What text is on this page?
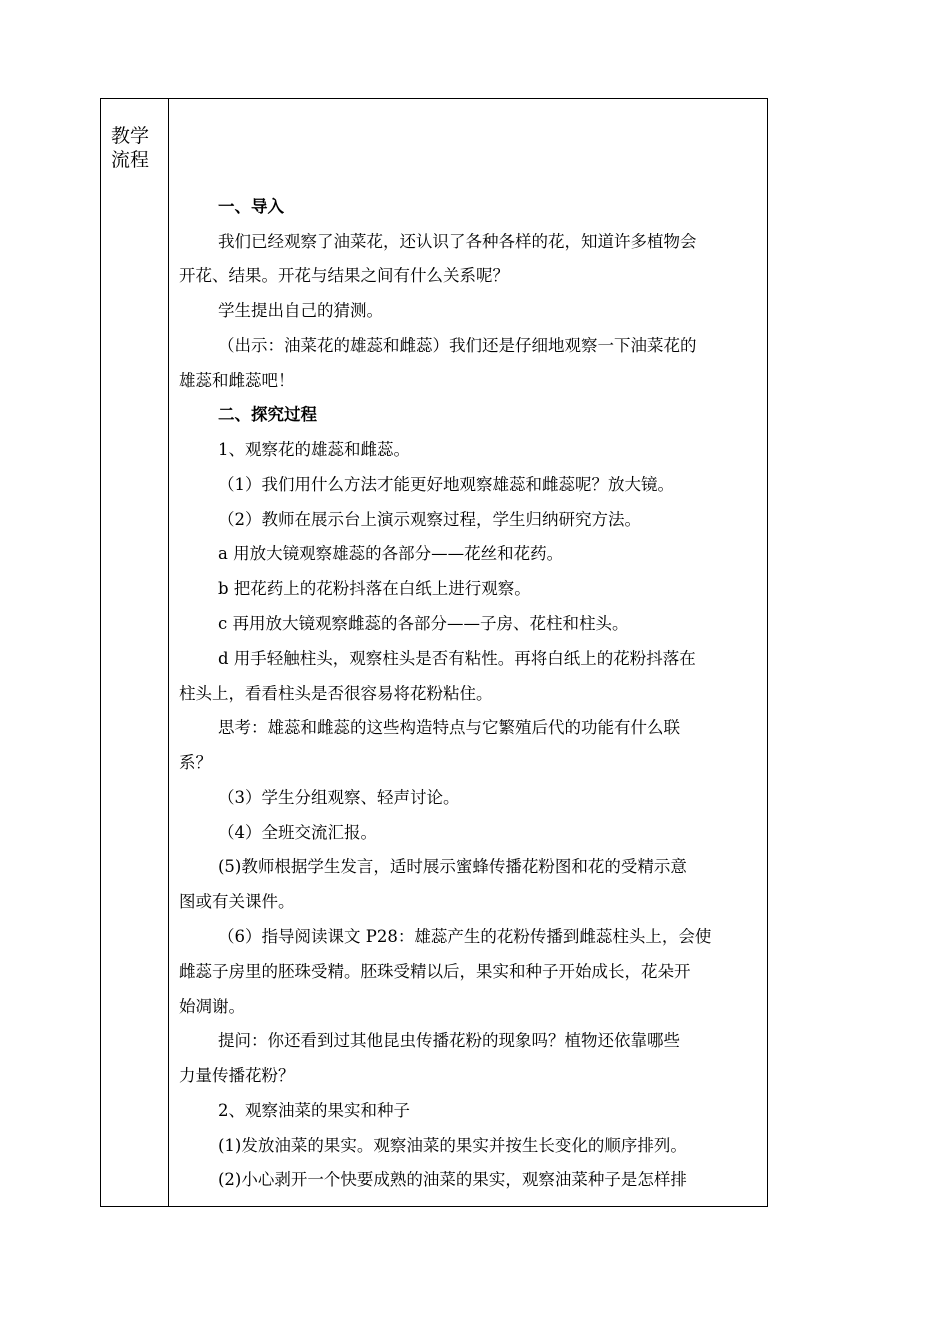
教学
流程
一、导入
我们已经观察了油菜花，还认识了各种各样的花，知道许多植物会
开花、结果。开花与结果之间有什么关系呢？
学生提出自己的猜测。
（出示：油菜花的雄蕊和雌蕊）我们还是仔细地观察一下油菜花的
雄蕊和雌蕊吧！
二、探究过程
1、观察花的雄蕊和雌蕊。
（1）我们用什么方法才能更好地观察雄蕊和雌蕊呢？放大镜。
（2）教师在展示台上演示观察过程，学生归纳研究方法。
a 用放大镜观察雄蕊的各部分——花丝和花药。
b 把花药上的花粉抖落在白纸上进行观察。
c 再用放大镜观察雌蕊的各部分——子房、花柱和柱头。
d 用手轻触柱头，观察柱头是否有粘性。再将白纸上的花粉抖落在
柱头上，看看柱头是否很容易将花粉粘住。
思考：雄蕊和雌蕊的这些构造特点与它繁殖后代的功能有什么联
系？
（3）学生分组观察、轻声讨论。
（4）全班交流汇报。
(5)教师根据学生发言，适时展示蜜蜂传播花粉图和花的受精示意
图或有关课件。
（6）指导阅读课文 P28：雄蕊产生的花粉传播到雌蕊柱头上，会使
雌蕊子房里的胚珠受精。胚珠受精以后，果实和种子开始成长，花朵开
始凋谢。
提问：你还看到过其他昆虫传播花粉的现象吗？植物还依靠哪些
力量传播花粉？
2、观察油菜的果实和种子
(1)发放油菜的果实。观察油菜的果实并按生长变化的顺序排列。
(2)小心剥开一个快要成熟的油菜的果实，观察油菜种子是怎样排
